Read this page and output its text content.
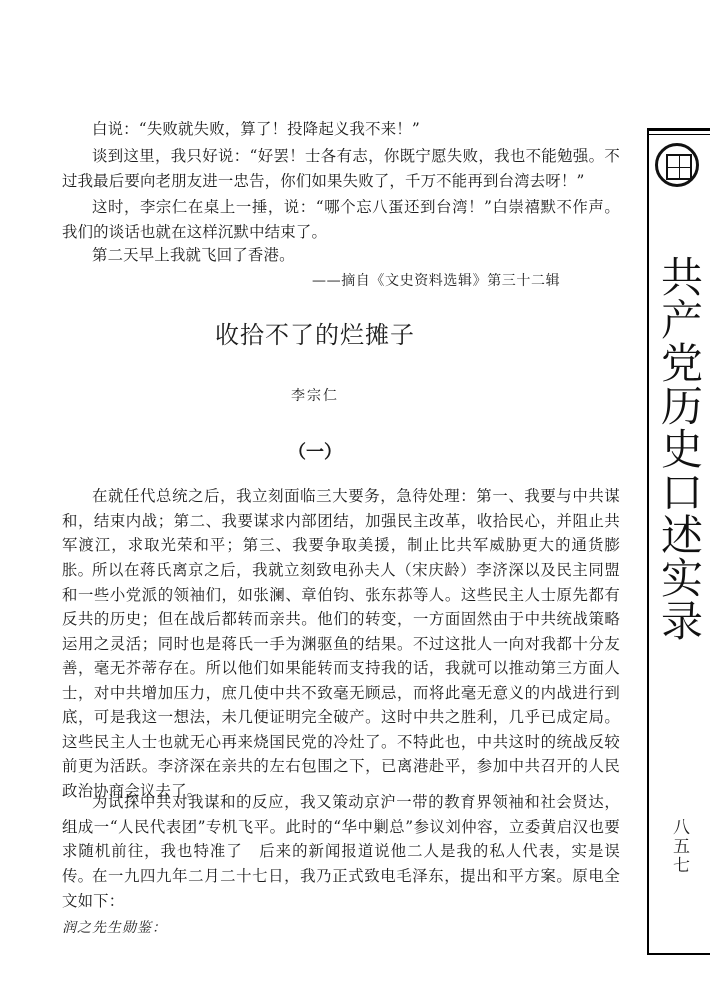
白说：“失败就失败，算了！投降起义我不来！”

谈到这里，我只好说：“好罢！士各有志，你既宁愿失败，我也不能勉强。不过我最后要向老朋友进一忠告，你们如果失败了，千万不能再到台湾去呀！”

这时，李宗仁在桌上一捶，说：“哪个忘八蛋还到台湾！”白崇禧默不作声。我们的谈话也就在这样沉默中结束了。

第二天早上我就飞回了香港。

——摘自《文史资料选辑》第三十二辑

在就任代总统之后，我立刻面临三大要务，急待处理：第一、我要与中共谋和，结束内战；第二、我要谋求内部团结，加强民主改革，收拾民心，并阻止共军渡江，求取光荣和平；第三、我要争取美援，制止比共军威胁更大的通货膨胀。

所以在蒋氏离京之后，我就立刻致电孙夫人（宋庆龄）李济深以及民主同盟和一些小党派的领袖们，如张澜、章伯钧、张东荪等人。这些民主人士原先都有反共的历史；但在战后都转而亲共。他们的转变，一方面固然由于中共统战策略运用之灵活；同时也是蒋氏一手为渊驱鱼的结果。不过这批人一向对我都十分友善，毫无芥蒂存在。所以他们如果能转而支持我的话，我就可以推动第三方面人士，对中共增加压力，庶几使中共不致毫无顾忌，而将此毫无意义的内战进行到底，可是我这一想法，未几便证明完全破产。这时中共之胜利，几乎已成定局。这些民主人士也就无心再来烧国民党的冷灶了。不特此也，中共这时的统战反较前更为活跃。李济深在亲共的左右包围之下，已离港赴平，参加中共召开的人民政治协商会议去了。

为试探中共对我谋和的反应，我又策动京沪一带的教育界领袖和社会贤达，组成一“人民代表团”专机飞平。此时的“华中剿总”参议刘仲容，立委黄启汉也要求随机前往，我也特准了　后来的新闻报道说他二人是我的私人代表，实是误传。

在一九四九年二月二十七日，我乃正式致电毛泽东，提出和平方案。原电全文如下：

收拾不了的烂摊子
李宗仁
（一）
润之先生勋鉴：
共产党历史口述实录
八五七
